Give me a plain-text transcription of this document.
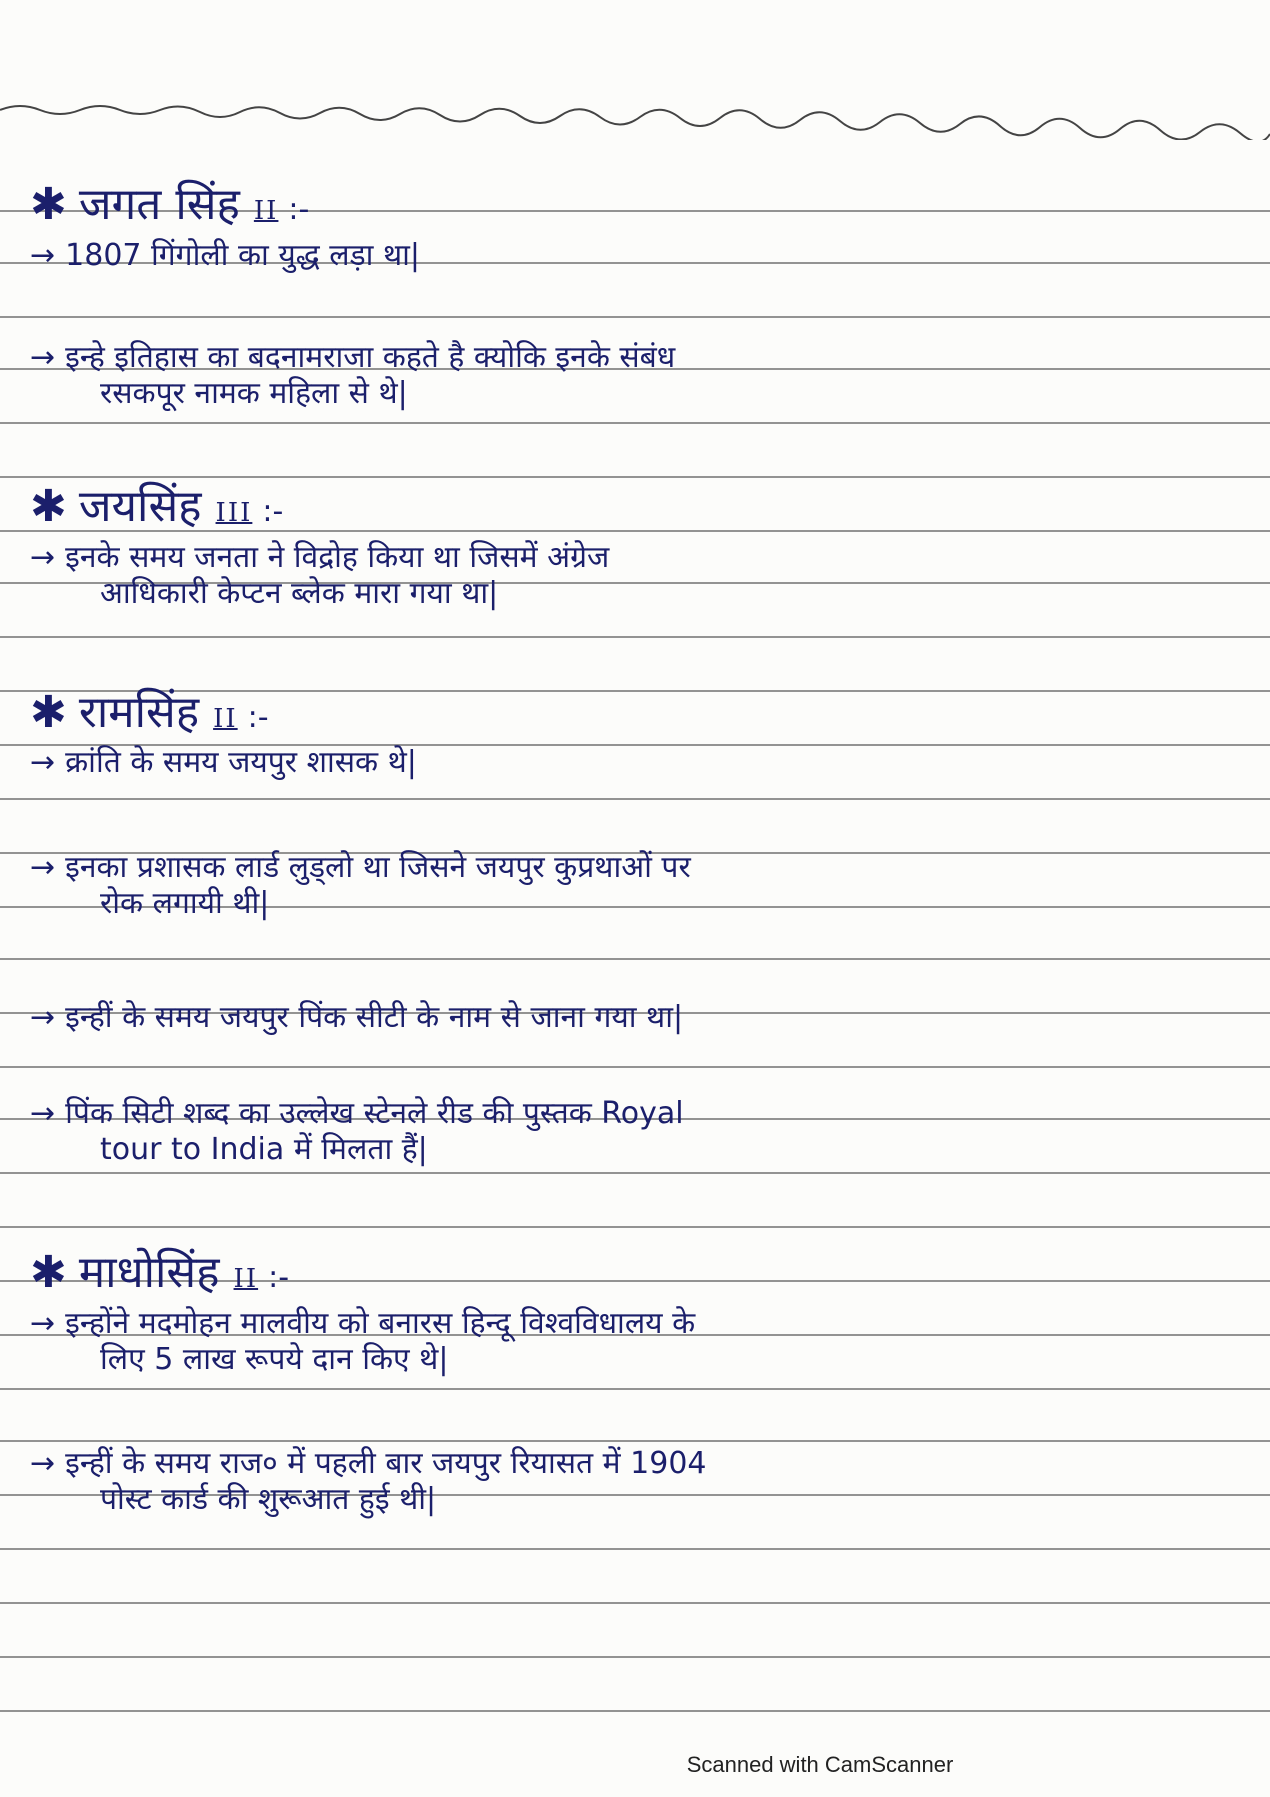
✱ जगत सिंह II :-
→ 1807 गिंगोली का युद्ध लड़ा था|
→ इन्हे इतिहास का बदनामराजा कहते है क्योकि इनके संबंध
रसकपूर नामक महिला से थे|
✱ जयसिंह III :-
→ इनके समय जनता ने विद्रोह किया था जिसमें अंग्रेज
आधिकारी केप्टन ब्लेक मारा गया था|
✱ रामसिंह II :-
→ क्रांति के समय जयपुर शासक थे|
→ इनका प्रशासक लार्ड लुड्लो था जिसने जयपुर कुप्रथाओं पर
रोक लगायी थी|
→ इन्हीं के समय जयपुर पिंक सीटी के नाम से जाना गया था|
→ पिंक सिटी शब्द का उल्लेख स्टेनले रीड की पुस्तक Royal
tour to India में मिलता हैं|
✱ माधोसिंह II :-
→ इन्होंने मदमोहन मालवीय को बनारस हिन्दू विश्वविधालय के
लिए 5 लाख रूपये दान किए थे|
→ इन्हीं के समय राज० में पहली बार जयपुर रियासत में 1904
पोस्ट कार्ड की शुरूआत हुई थी|
Scanned with CamScanner
